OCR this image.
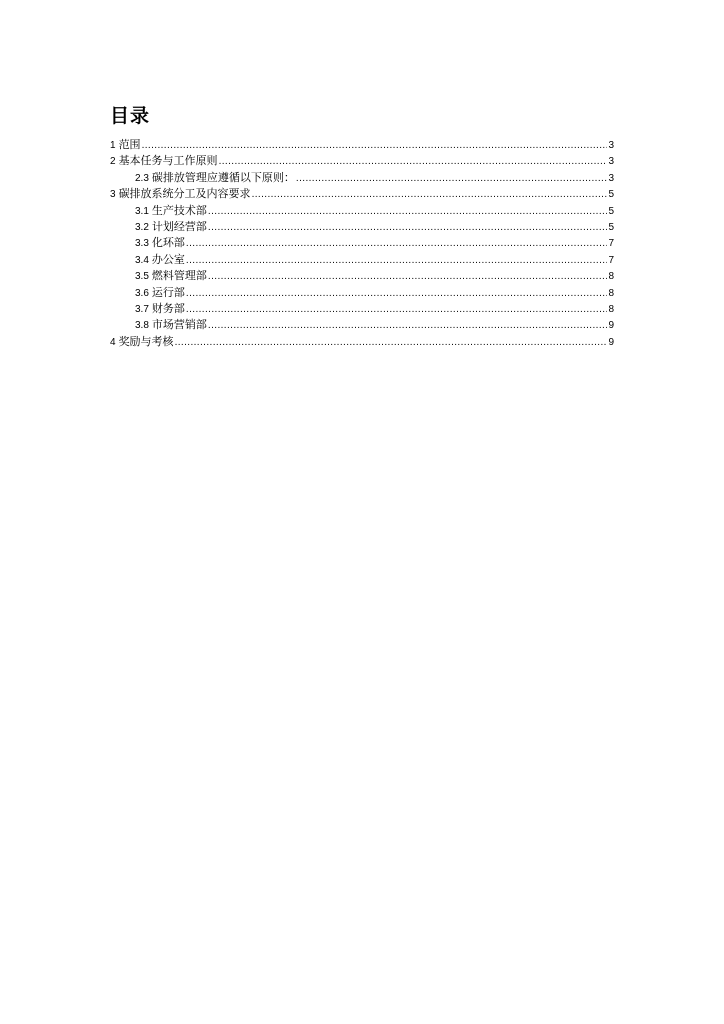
目录
1 范围 .....	3
2 基本任务与工作原则 .....	3
2.3 碳排放管理应遵循以下原则： .....	3
3 碳排放系统分工及内容要求 .....	5
3.1 生产技术部 .....	5
3.2 计划经营部 .....	5
3.3 化环部 .....	7
3.4 办公室 .....	7
3.5 燃料管理部 .....	8
3.6 运行部 .....	8
3.7 财务部 .....	8
3.8 市场营销部 .....	9
4 奖励与考核 .....	9
